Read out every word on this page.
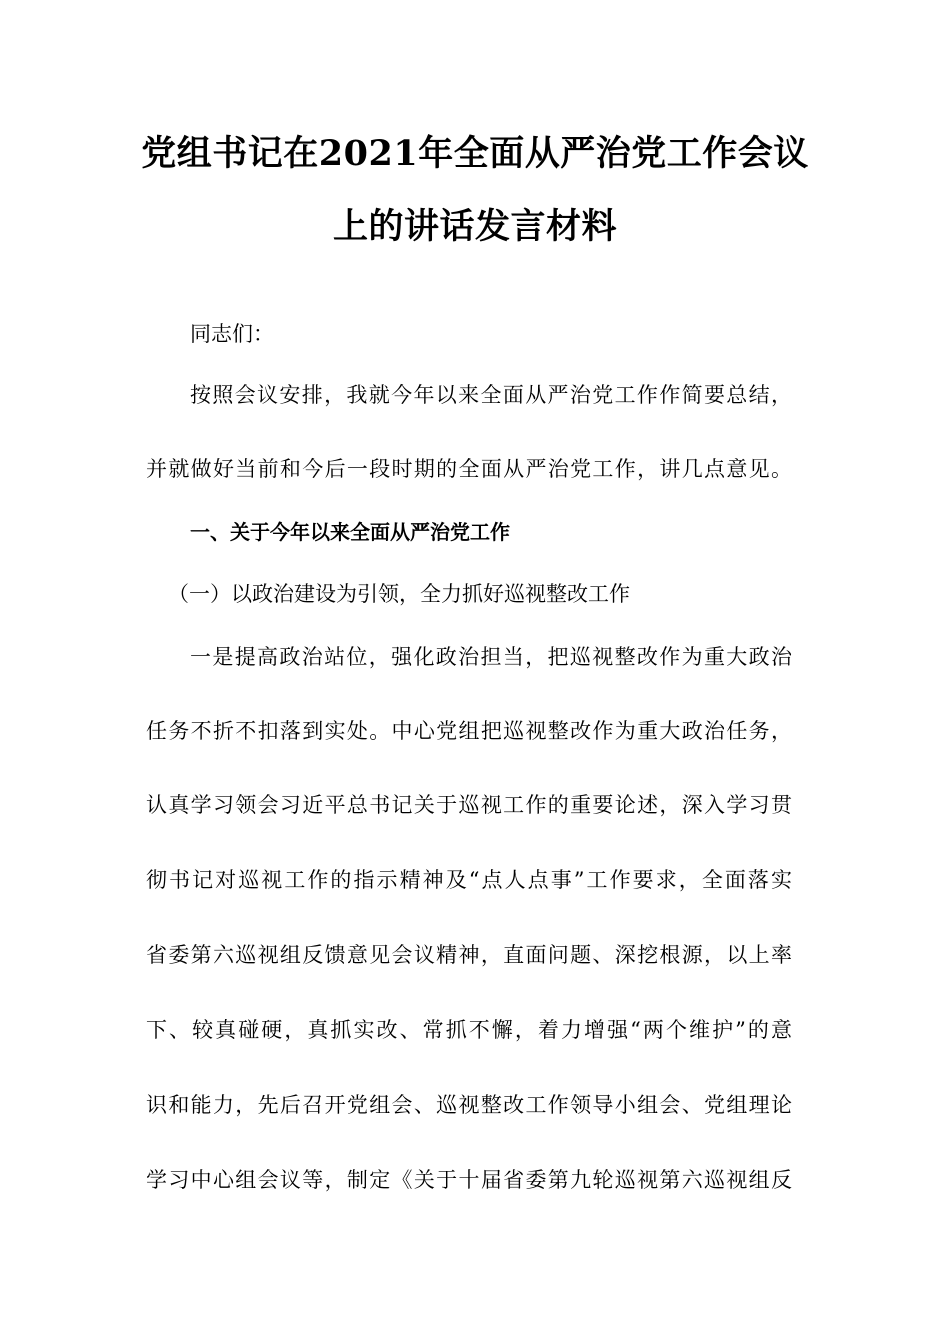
党组书记在2021年全面从严治党工作会议
上的讲话发言材料
同志们：
按照会议安排，我就今年以来全面从严治党工作作简要总结，
并就做好当前和今后一段时期的全面从严治党工作，讲几点意见。
一、关于今年以来全面从严治党工作
（一）以政治建设为引领，全力抓好巡视整改工作
一是提高政治站位，强化政治担当，把巡视整改作为重大政治
任务不折不扣落到实处。中心党组把巡视整改作为重大政治任务，
认真学习领会习近平总书记关于巡视工作的重要论述，深入学习贯
彻书记对巡视工作的指示精神及“点人点事”工作要求，全面落实
省委第六巡视组反馈意见会议精神，直面问题、深挖根源，以上率
下、较真碰硬，真抓实改、常抓不懈，着力增强“两个维护”的意
识和能力，先后召开党组会、巡视整改工作领导小组会、党组理论
学习中心组会议等，制定《关于十届省委第九轮巡视第六巡视组反
